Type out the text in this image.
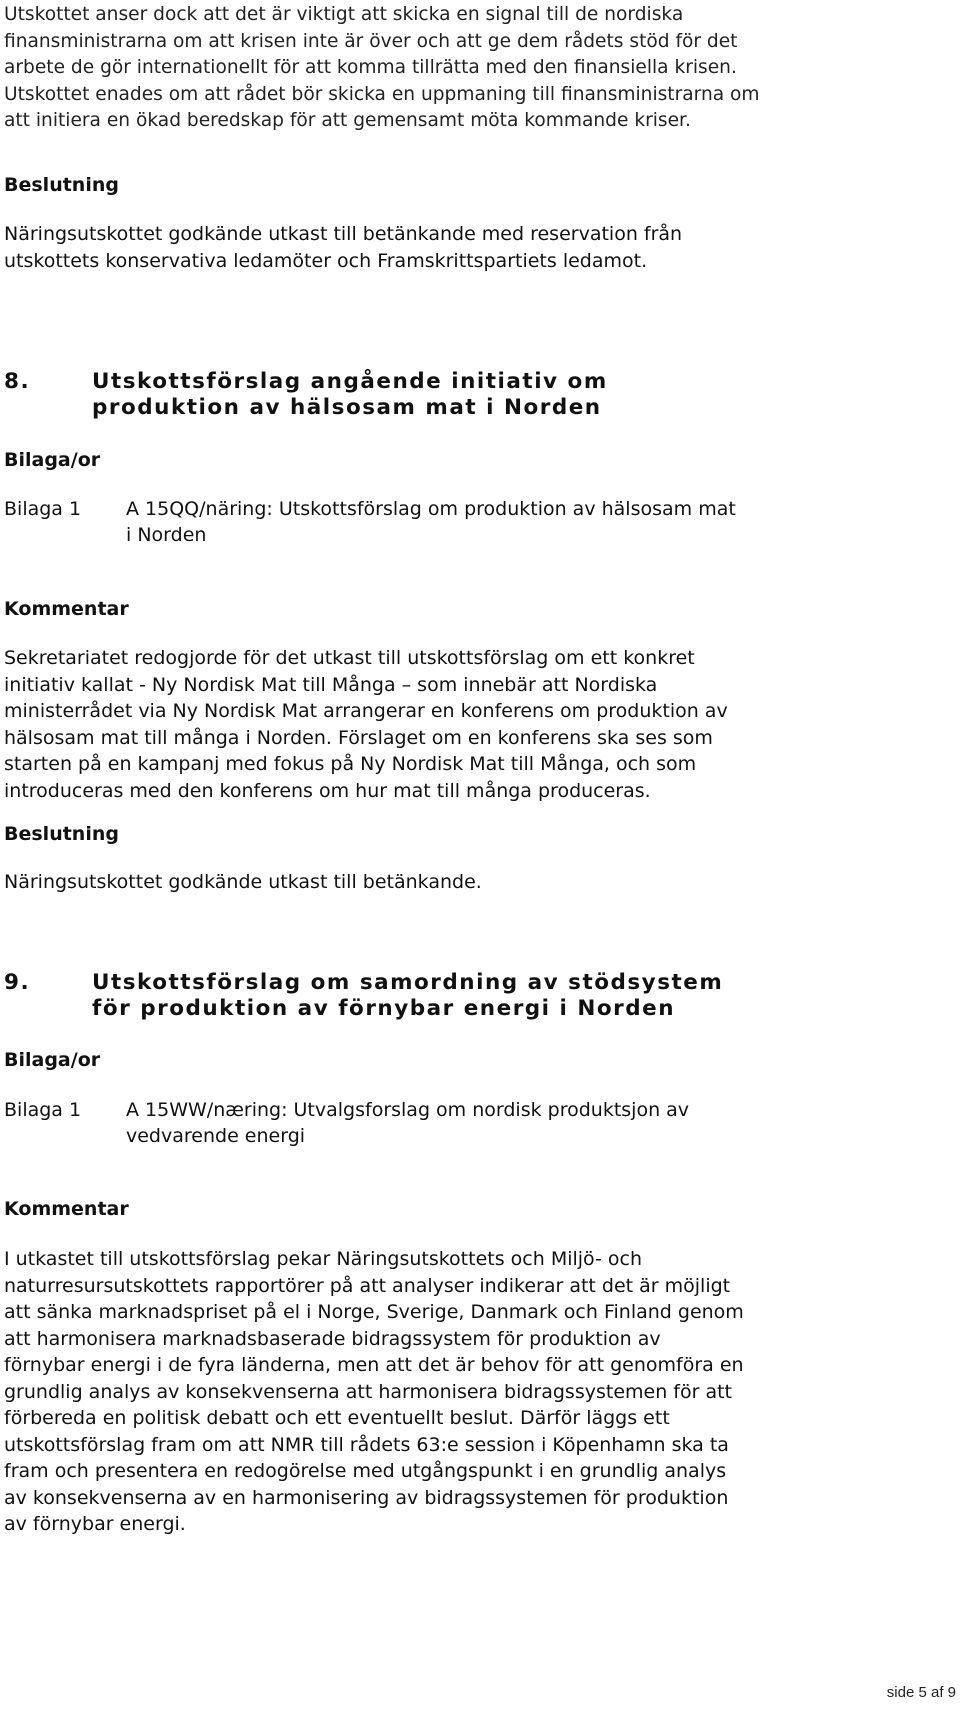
Utskottet anser dock att det är viktigt att skicka en signal till de nordiska finansministrarna om att krisen inte är över och att ge dem rådets stöd för det arbete de gör internationellt för att komma tillrätta med den finansiella krisen. Utskottet enades om att rådet bör skicka en uppmaning till finansministrarna om att initiera en ökad beredskap för att gemensamt möta kommande kriser.

Beslutning

Näringsutskottet godkände utkast till betänkande med reservation från utskottets konservativa ledamöter och Framskrittspartiets ledamot.

8.	Utskottsförslag angående initiativ om produktion av hälsosam mat i Norden
Bilaga/or
Bilaga 1 A 15QQ/näring: Utskottsförslag om produktion av hälsosam mat i Norden
Kommentar

Sekretariatet redogjorde för det utkast till utskottsförslag om ett konkret initiativ kallat - Ny Nordisk Mat till Många – som innebär att Nordiska ministerrådet via Ny Nordisk Mat arrangerar en konferens om produktion av hälsosam mat till många i Norden. Förslaget om en konferens ska ses som starten på en kampanj med fokus på Ny Nordisk Mat till Många, och som introduceras med den konferens om hur mat till många produceras.

Beslutning

Näringsutskottet godkände utkast till betänkande.

9.	Utskottsförslag om samordning av stödsystem för produktion av förnybar energi i Norden
Bilaga/or
Bilaga 1 A 15WW/næring: Utvalgsforslag om nordisk produktsjon av vedvarende energi
Kommentar

I utkastet till utskottsförslag pekar Näringsutskottets och Miljö- och naturresursutskottets rapportörer på att analyser indikerar att det är möjligt att sänka marknadspriset på el i Norge, Sverige, Danmark och Finland genom att harmonisera marknadsbaserade bidragssystem för produktion av förnybar energi i de fyra länderna, men att det är behov för att genomföra en grundlig analys av konsekvenserna att harmonisera bidragssystemen för att förbereda en politisk debatt och ett eventuellt beslut. Därför läggs ett utskottsförslag fram om att NMR till rådets 63:e session i Köpenhamn ska ta fram och presentera en redogörelse med utgångspunkt i en grundlig analys av konsekvenserna av en harmonisering av bidragssystemen för produktion av förnybar energi.

side 5 af 9
